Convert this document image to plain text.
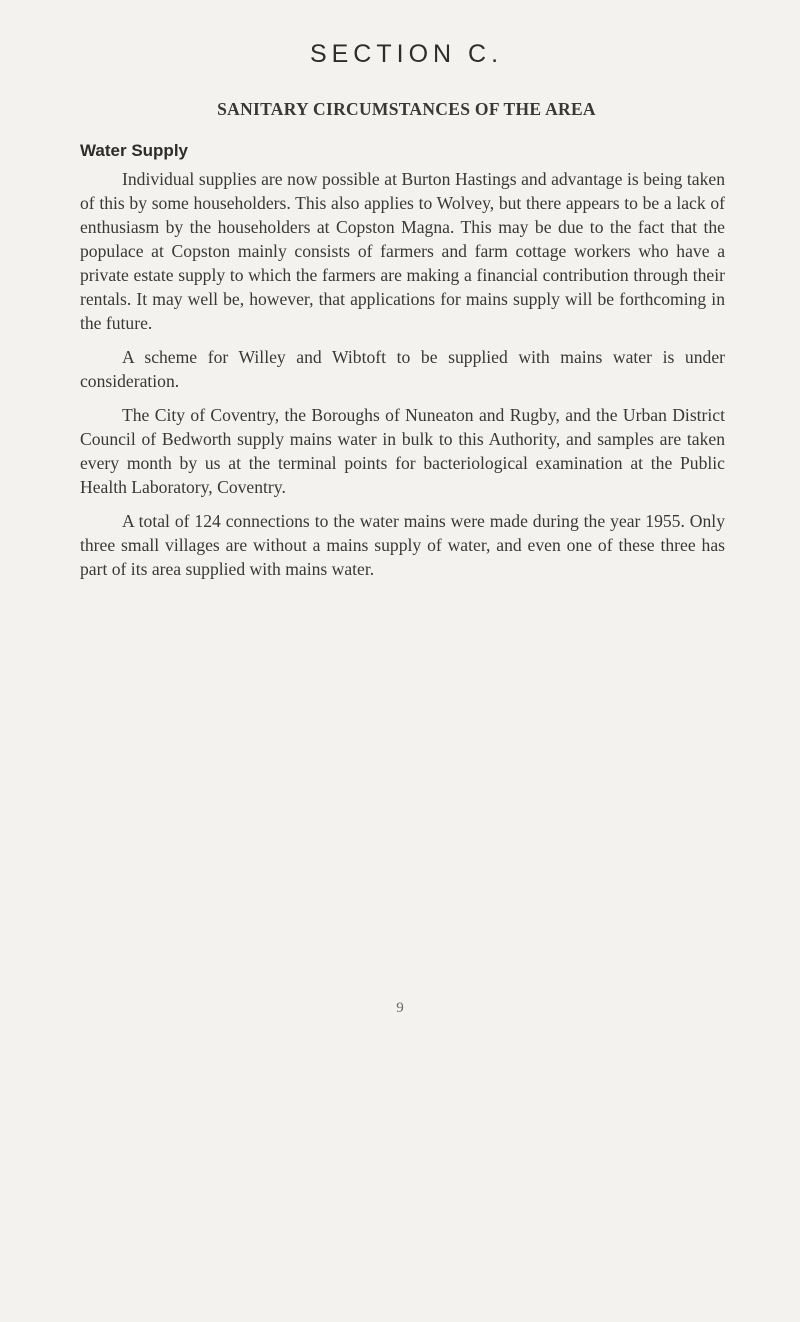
SECTION C.
SANITARY CIRCUMSTANCES OF THE AREA
Water Supply

Individual supplies are now possible at Burton Hastings and advantage is being taken of this by some householders. This also applies to Wolvey, but there appears to be a lack of enthusiasm by the householders at Copston Magna. This may be due to the fact that the populace at Copston mainly consists of farmers and farm cottage workers who have a private estate supply to which the farmers are making a financial contribution through their rentals. It may well be, however, that applications for mains supply will be forthcoming in the future.

A scheme for Willey and Wibtoft to be supplied with mains water is under consideration.

The City of Coventry, the Boroughs of Nuneaton and Rugby, and the Urban District Council of Bedworth supply mains water in bulk to this Authority, and samples are taken every month by us at the terminal points for bacteriological examination at the Public Health Laboratory, Coventry.

A total of 124 connections to the water mains were made during the year 1955. Only three small villages are without a mains supply of water, and even one of these three has part of its area supplied with mains water.

9
